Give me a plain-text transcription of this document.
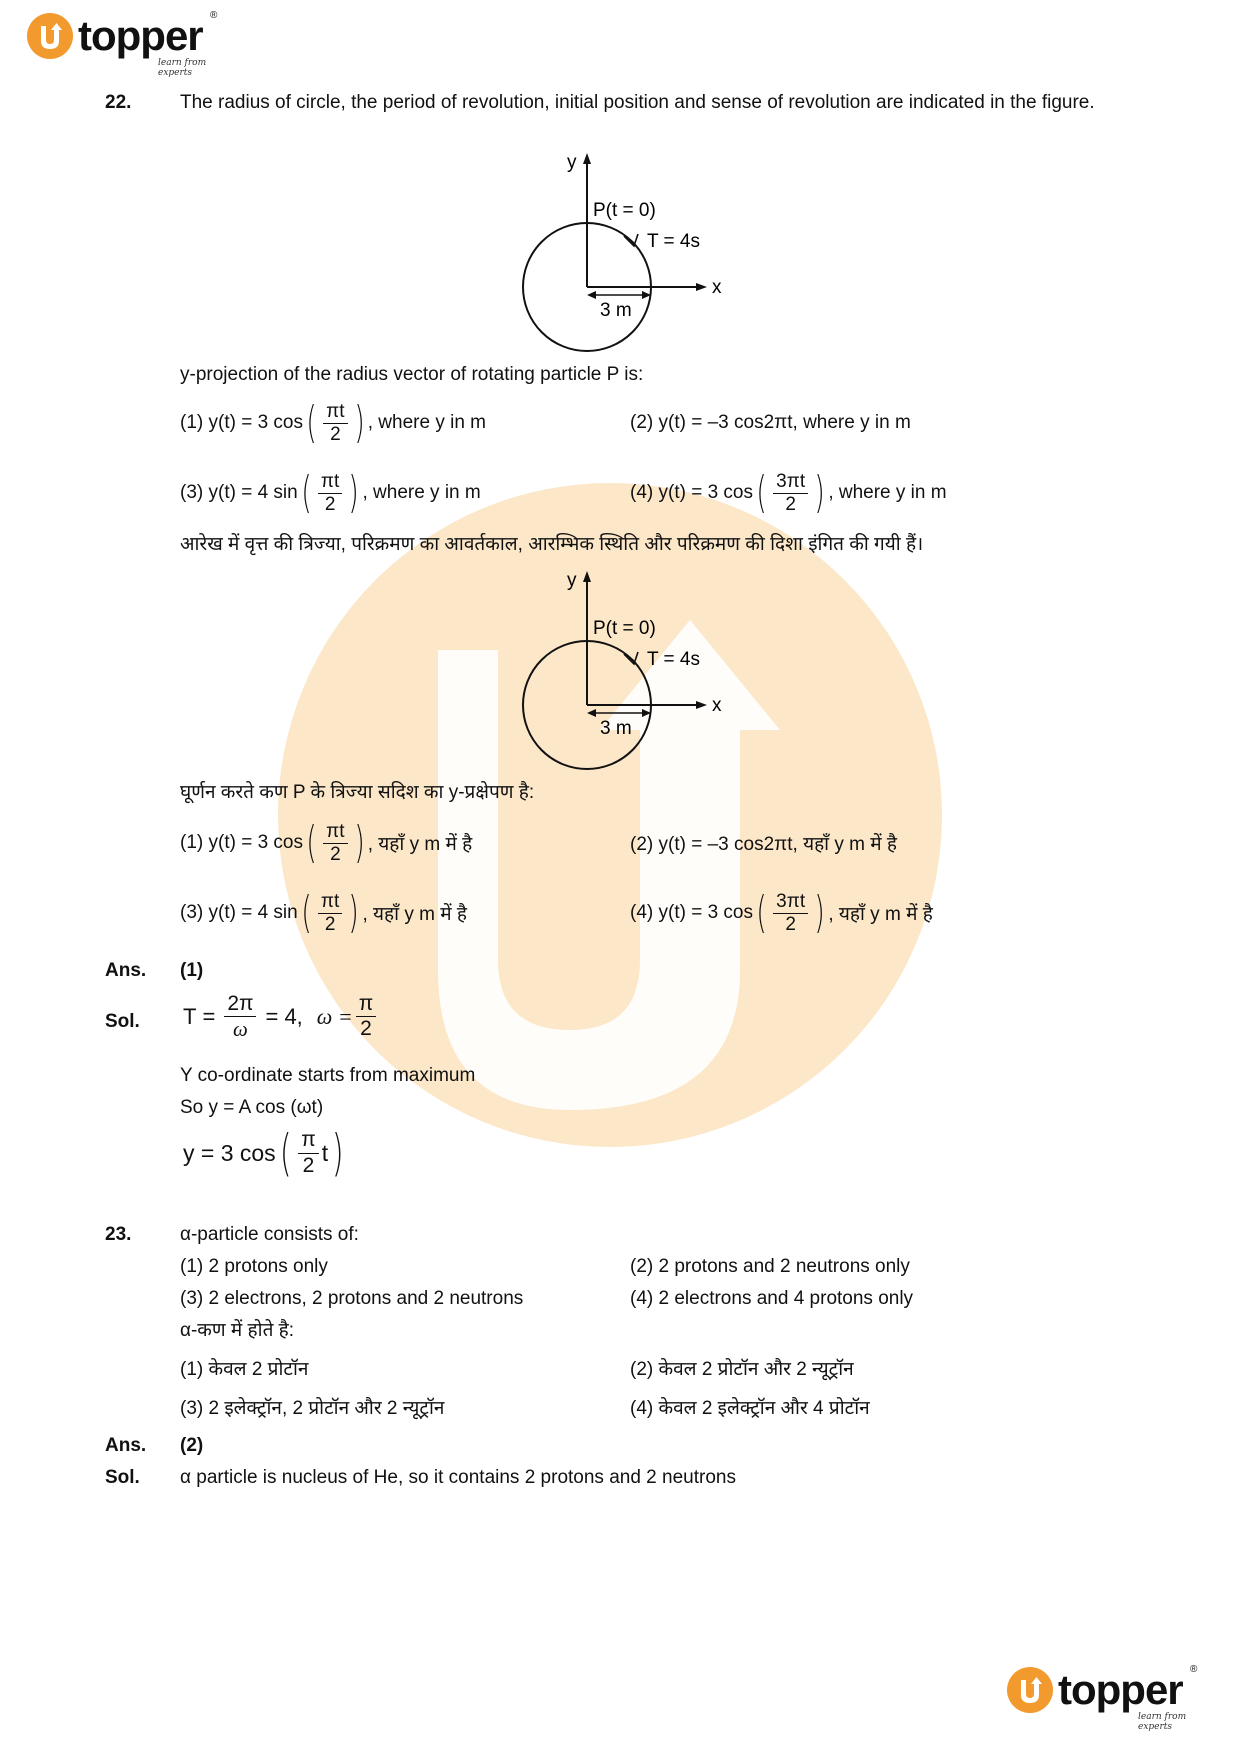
topper ®
learn from experts
22.	The radius of circle, the period of revolution, initial position and sense of revolution are indicated in the figure.
y
x
P(t = 0)
T = 4s
3 m
y-projection of the radius vector of rotating particle P is:
(1) y(t) = 3 cos ( $\frac{\pi t}{2}$ ) , where y in m	(2) y(t) = –3 cos2πt, where y in m
(3) y(t) = 4 sin ( $\frac{\pi t}{2}$ ) , where y in m	(4) y(t) = 3 cos ( $\frac{3\pi t}{2}$ ) , where y in m
आरेख में वृत्त की त्रिज्या, परिक्रमण का आवर्तकाल, आरम्भिक स्थिति और परिक्रमण की दिशा इंगित की गयी हैं।
y
x
P(t = 0)
T = 4s
3 m
घूर्णन करते कण P के त्रिज्या सदिश का y-प्रक्षेपण है:
(1) y(t) = 3 cos ( $\frac{\pi t}{2}$ ) , यहाँ y m में है	(2) y(t) = –3 cos2πt, यहाँ y m में है
(3) y(t) = 4 sin ( $\frac{\pi t}{2}$ ) , यहाँ y m में है	(4) y(t) = 3 cos ( $\frac{3\pi t}{2}$ ) , यहाँ y m में है
Ans. (1)
Sol. $T = \frac{2\pi}{\omega} = 4$, $\omega = \frac{\pi}{2}$
Y co-ordinate starts from maximum
So y = A cos (ωt)
y = 3 cos ( $\frac{\pi}{2}$ t )
23.	α-particle consists of:
(1) 2 protons only	(2) 2 protons and 2 neutrons only
(3) 2 electrons, 2 protons and 2 neutrons	(4) 2 electrons and 4 protons only
α-कण में होते है:
(1) केवल 2 प्रोटॉन	(2) केवल 2 प्रोटॉन और 2 न्यूट्रॉन
(3) 2 इलेक्ट्रॉन, 2 प्रोटॉन और 2 न्यूट्रॉन	(4) केवल 2 इलेक्ट्रॉन और 4 प्रोटॉन
Ans. (2)
Sol. α particle is nucleus of He, so it contains 2 protons and 2 neutrons
topper ®
learn from experts
